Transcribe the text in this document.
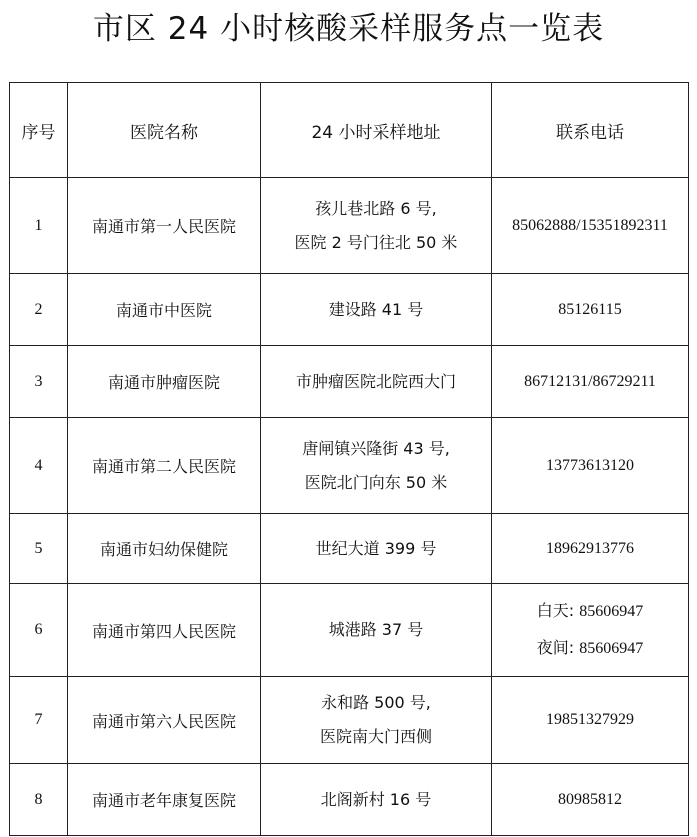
市区 24 小时核酸采样服务点一览表
序号	医院名称	24 小时采样地址	联系电话
1	南通市第一人民医院	孩儿巷北路 6 号,
医院 2 号门往北 50 米	85062888/15351892311

2	南通市中医院	建设路 41 号	85126115

3	南通市肿瘤医院	市肿瘤医院北院西大门	86712131/86729211

4	南通市第二人民医院	唐闸镇兴隆街 43 号,
医院北门向东 50 米	13773613120

5	南通市妇幼保健院	世纪大道 399 号	18962913776

6	南通市第四人民医院	城港路 37 号	白天: 85606947
夜间: 85606947

7	南通市第六人民医院	永和路 500 号,
医院南大门西侧	19851327929

8	南通市老年康复医院	北阁新村 16 号	80985812
